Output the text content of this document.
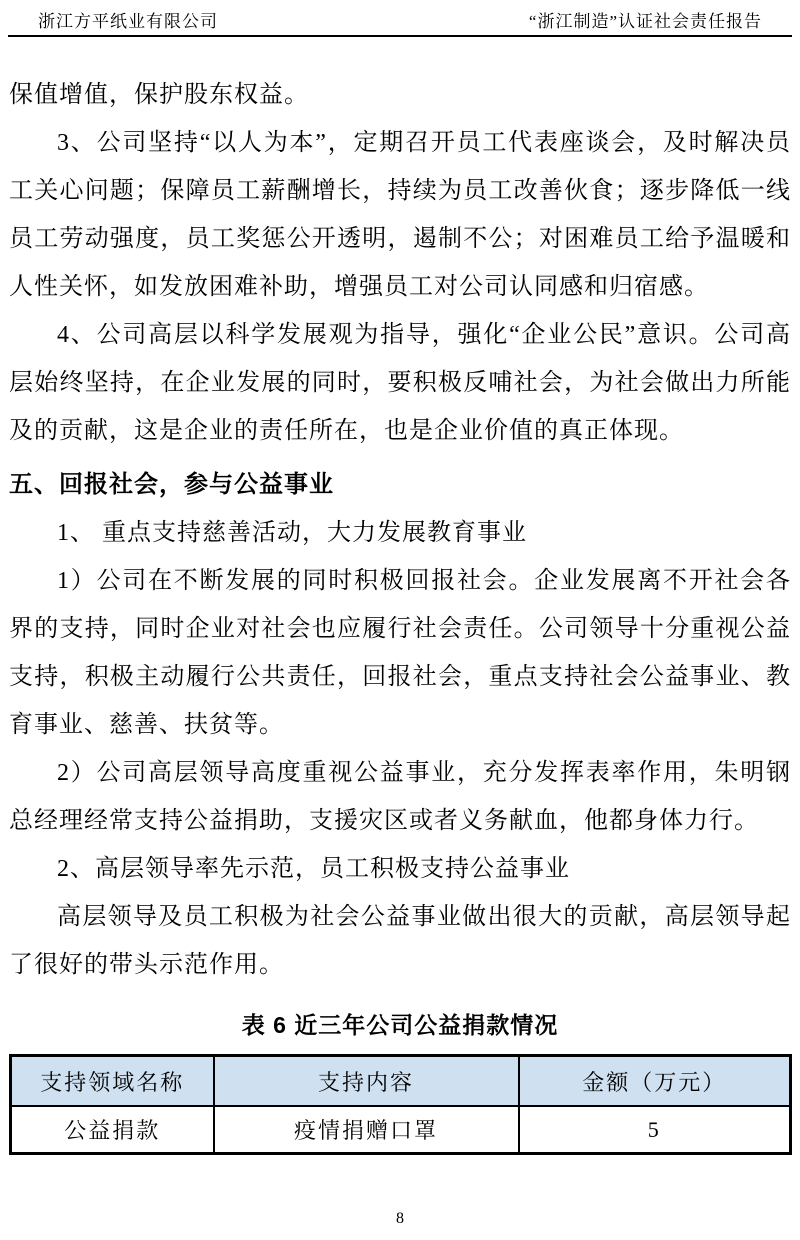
浙江方平纸业有限公司	“浙江制造”认证社会责任报告

保值增值，保护股东权益。

3、公司坚持“以人为本”，定期召开员工代表座谈会，及时解决员工关心问题；保障员工薪酬增长，持续为员工改善伙食；逐步降低一线员工劳动强度，员工奖惩公开透明，遏制不公；对困难员工给予温暖和人性关怀，如发放困难补助，增强员工对公司认同感和归宿感。

4、公司高层以科学发展观为指导，强化“企业公民”意识。公司高层始终坚持，在企业发展的同时，要积极反哺社会，为社会做出力所能及的贡献，这是企业的责任所在，也是企业价值的真正体现。

五、回报社会，参与公益事业

1、 重点支持慈善活动，大力发展教育事业

1）公司在不断发展的同时积极回报社会。企业发展离不开社会各界的支持，同时企业对社会也应履行社会责任。公司领导十分重视公益支持，积极主动履行公共责任，回报社会，重点支持社会公益事业、教育事业、慈善、扶贫等。

2）公司高层领导高度重视公益事业，充分发挥表率作用，朱明钢总经理经常支持公益捐助，支援灾区或者义务献血，他都身体力行。

2、高层领导率先示范，员工积极支持公益事业

高层领导及员工积极为社会公益事业做出很大的贡献，高层领导起了很好的带头示范作用。

表 6 近三年公司公益捐款情况
支持领域名称	支持内容	金额（万元）
公益捐款	疫情捐赠口罩	5
8
